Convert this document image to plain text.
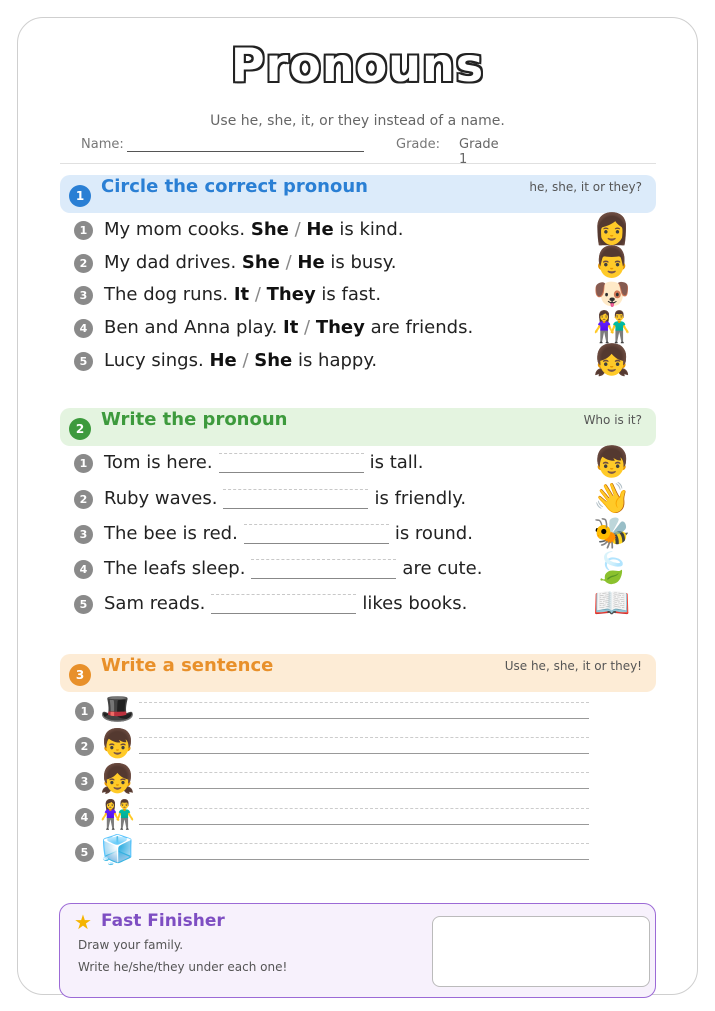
Pronouns
Use he, she, it, or they instead of a name.
Name:	Grade: Grade 1
1 Circle the correct pronoun	he, she, it or they?
1 My mom cooks. She / He is kind.	👩
2 My dad drives. She / He is busy.	👨
3 The dog runs. It / They is fast.	🐶
4 Ben and Anna play. It / They are friends.	👫
5 Lucy sings. He / She is happy.	👧
2 Write the pronoun	Who is it?
1 Tom is here.	is tall.	👦
2 Ruby waves.	is friendly.	👋
3 The bee is red.	is round.	🐝
4 The leafs sleep.	are cute.	🍃
5 Sam reads.	likes books.	📖
3 Write a sentence	Use he, she, it or they!
1 🎩
2 👦
3 👧
4 👫
5 🧊
★ Fast Finisher
Draw your family.
Write he/she/they under each one!
